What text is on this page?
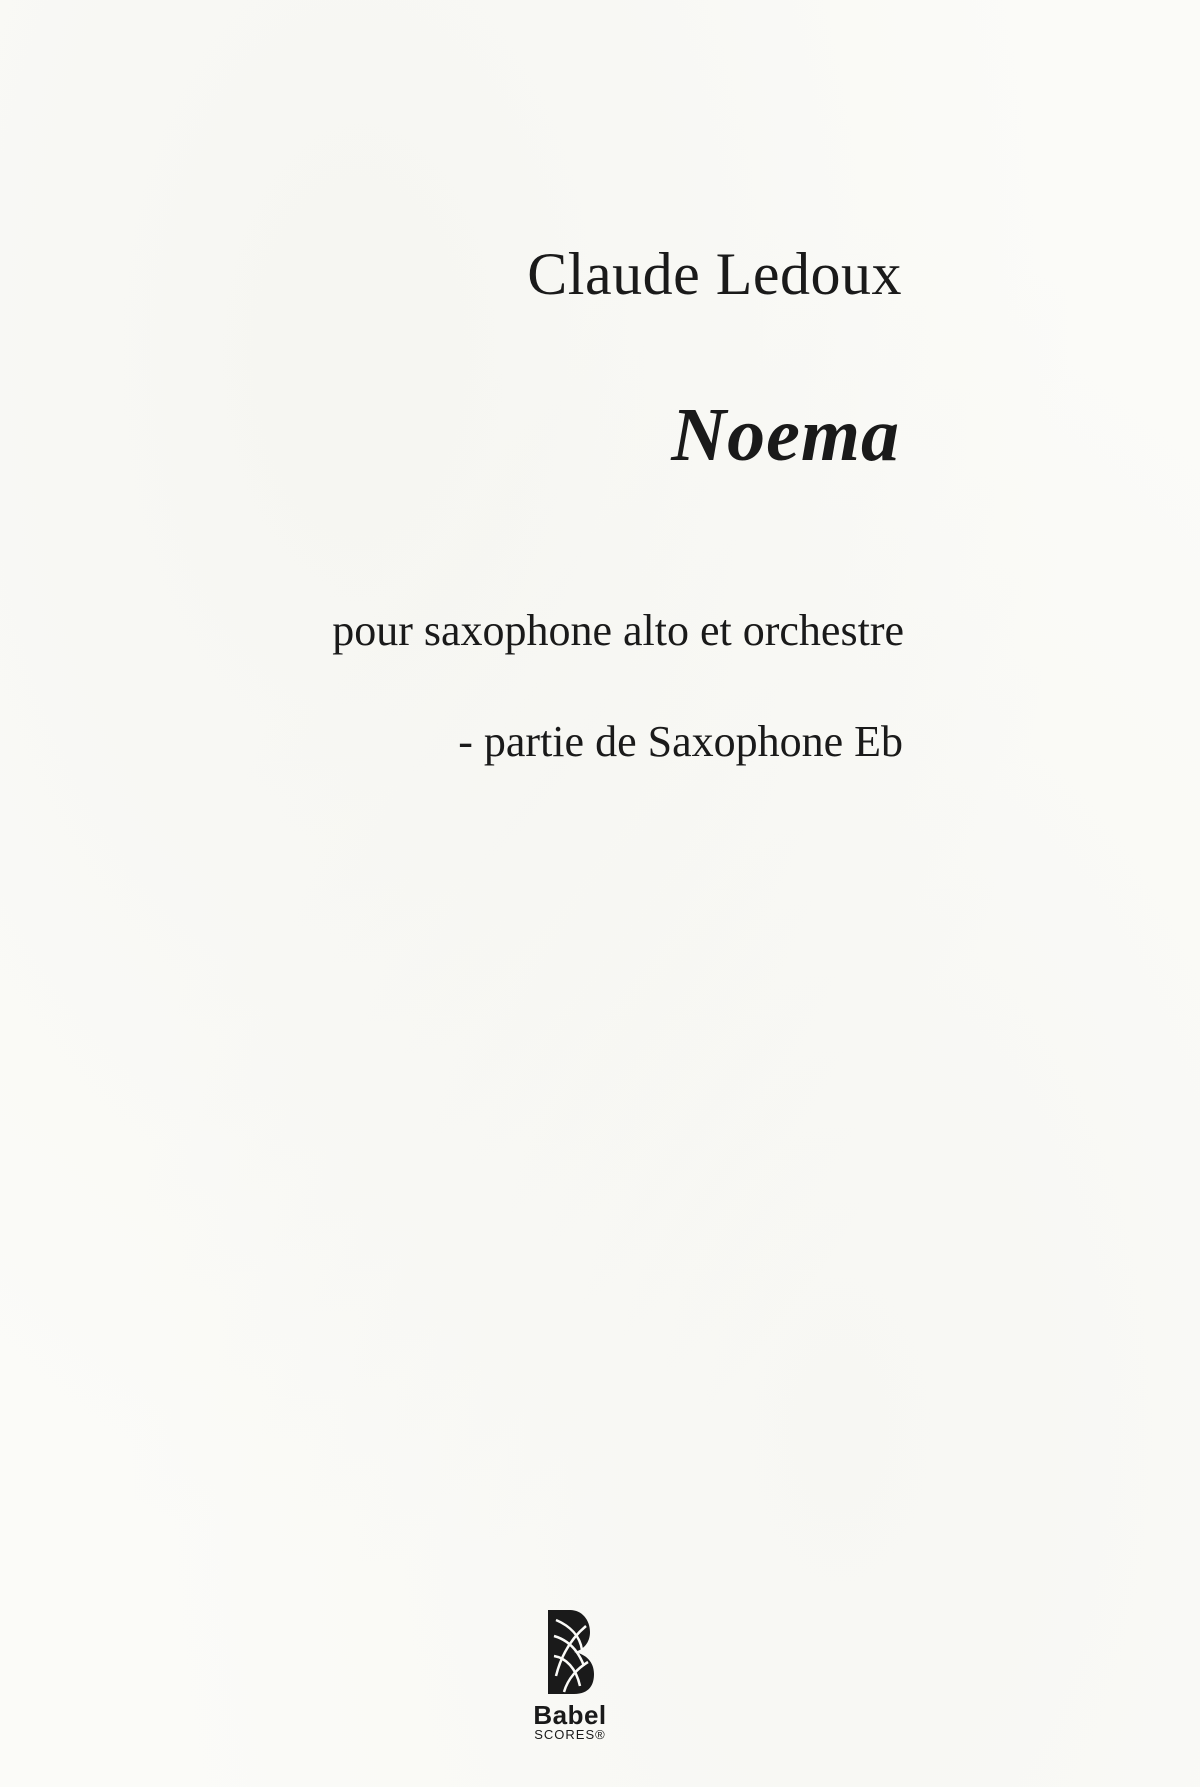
Claude Ledoux
Noema
pour saxophone alto et orchestre
- partie de Saxophone Eb
Babel
SCORES®
